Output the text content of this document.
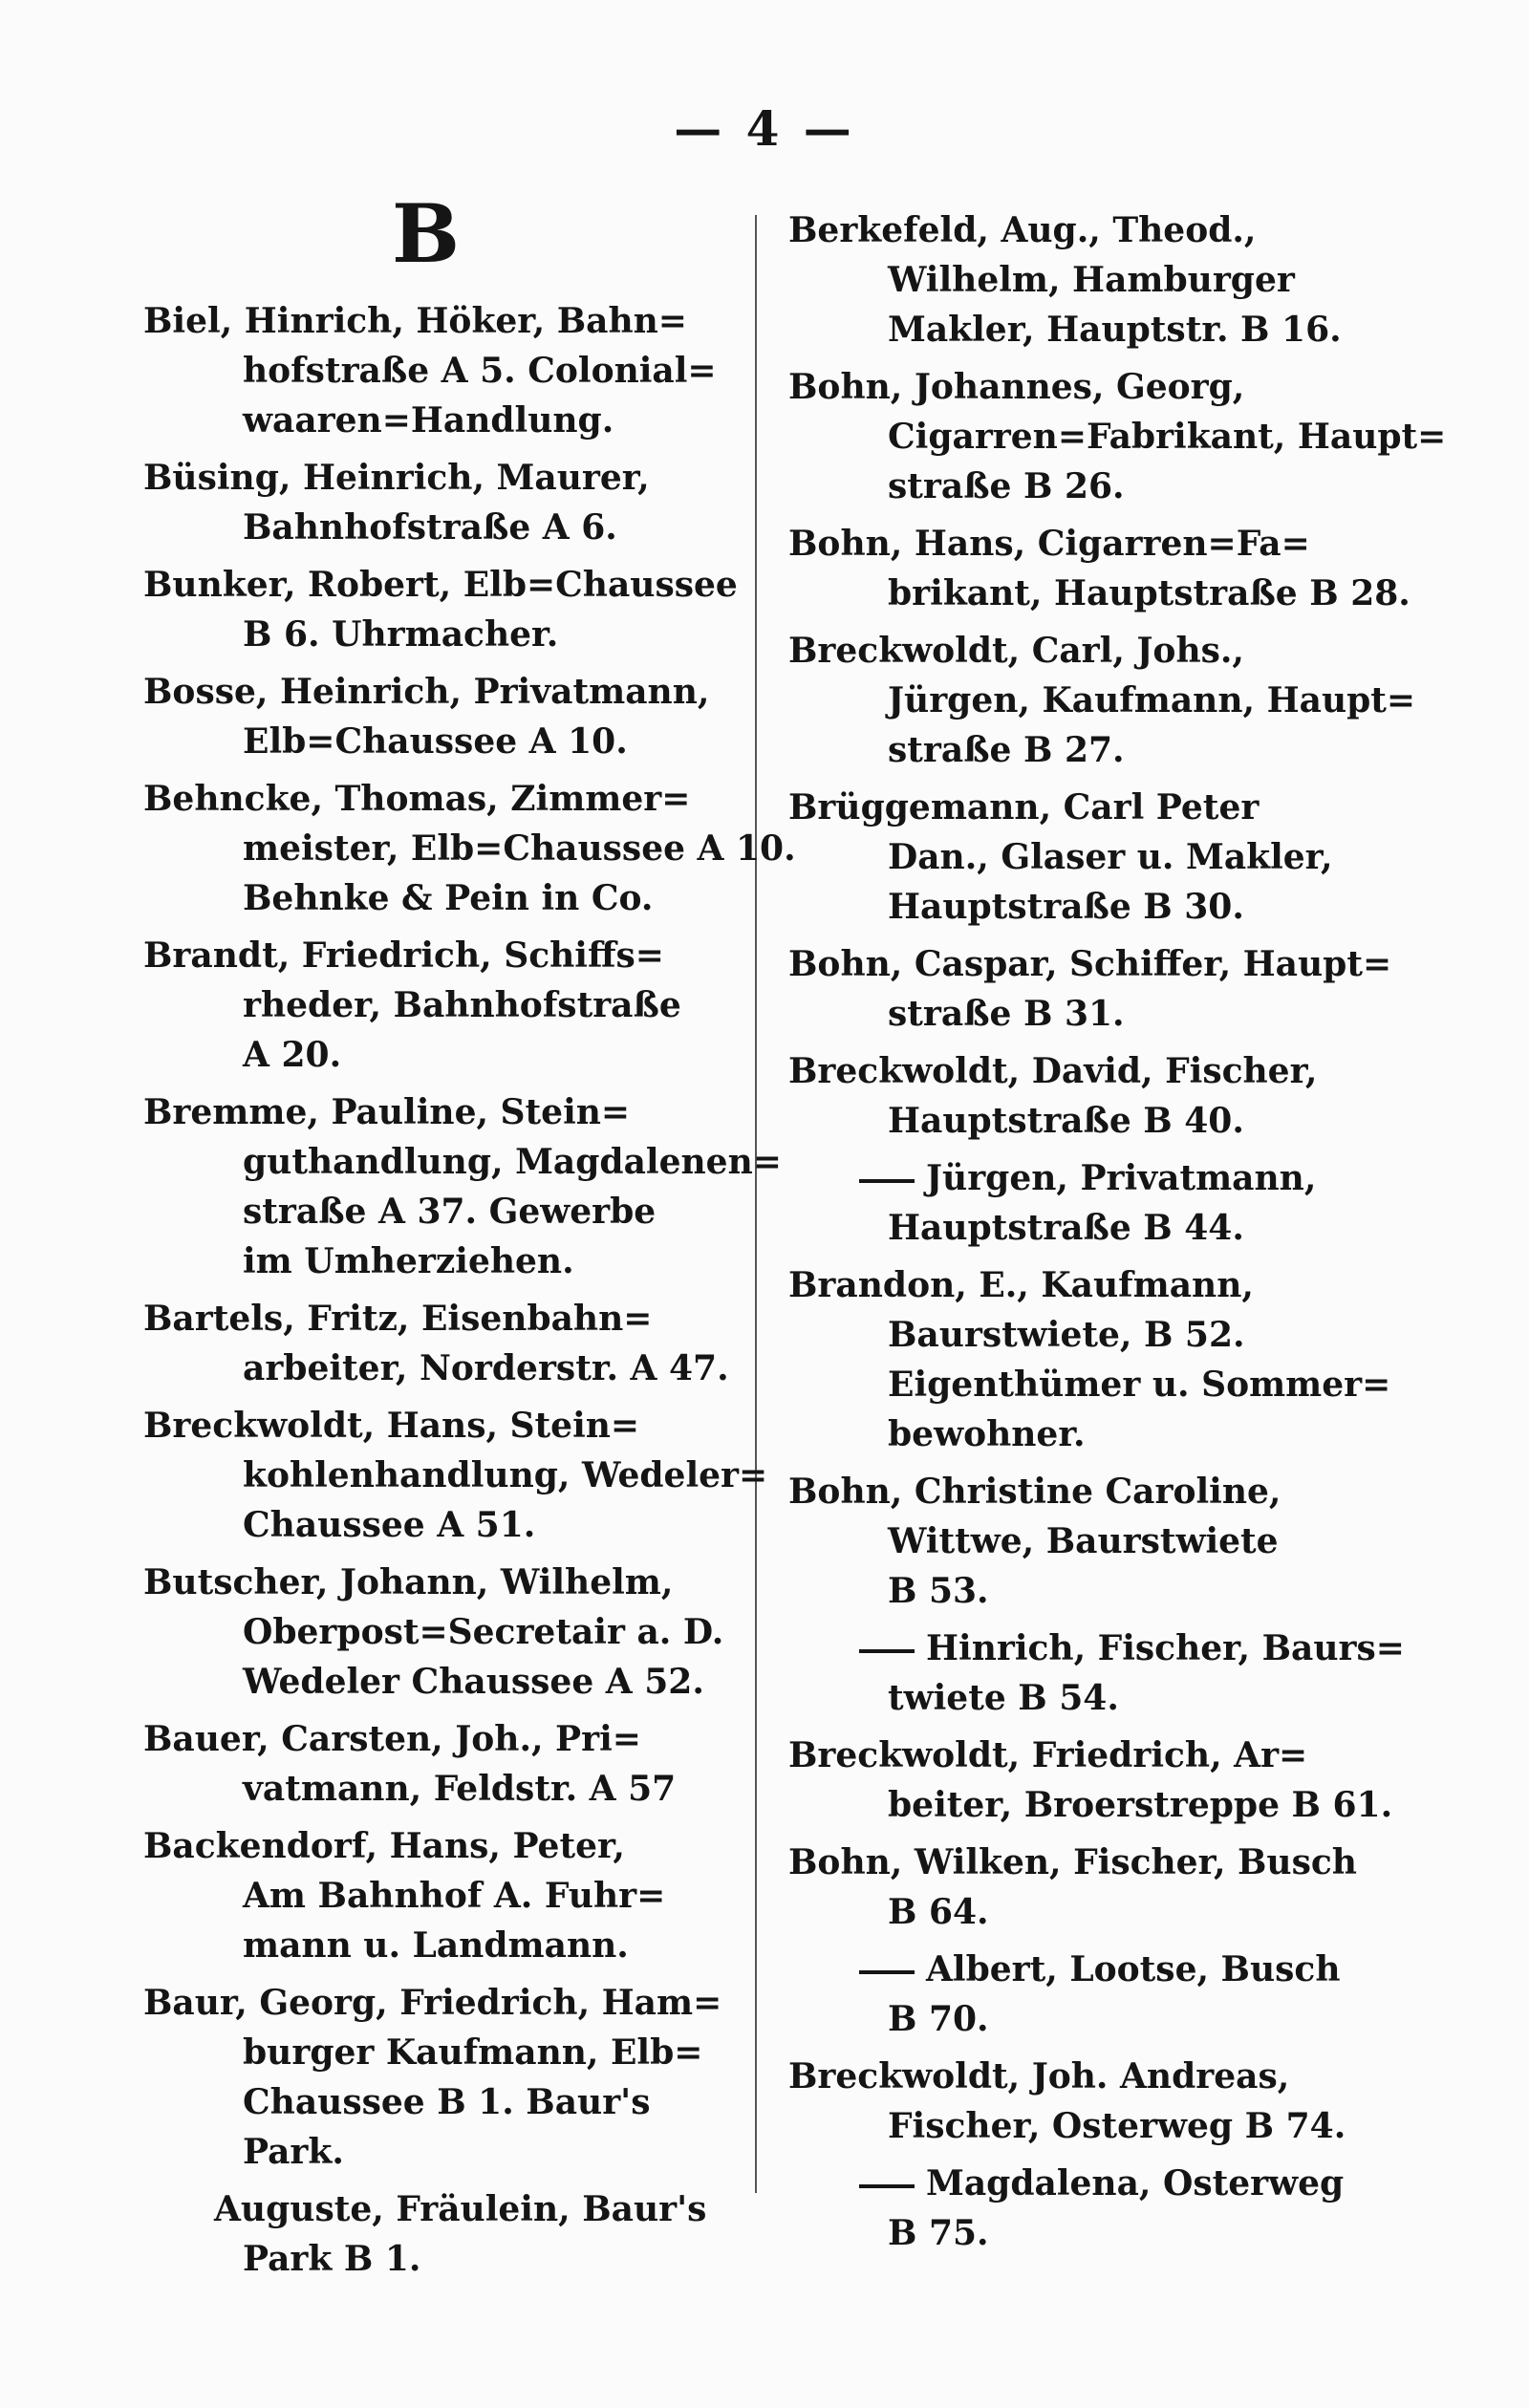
— 4 —
B
Biel, Hinrich, Höker, Bahn=
hofstraße A 5. Colonial=
waaren=Handlung.
Büsing, Heinrich, Maurer,
Bahnhofstraße A 6.
Bunker, Robert, Elb=Chaussee
B 6. Uhrmacher.
Bosse, Heinrich, Privatmann,
Elb=Chaussee A 10.
Behncke, Thomas, Zimmer=
meister, Elb=Chaussee A 10.
Behnke & Pein in Co.
Brandt, Friedrich, Schiffs=
rheder, Bahnhofstraße
A 20.
Bremme, Pauline, Stein=
guthandlung, Magdalenen=
straße A 37. Gewerbe
im Umherziehen.
Bartels, Fritz, Eisenbahn=
arbeiter, Norderstr. A 47.
Breckwoldt, Hans, Stein=
kohlenhandlung, Wedeler=
Chaussee A 51.
Butscher, Johann, Wilhelm,
Oberpost=Secretair a. D.
Wedeler Chaussee A 52.
Bauer, Carsten, Joh., Pri=
vatmann, Feldstr. A 57
Backendorf, Hans, Peter,
Am Bahnhof A. Fuhr=
mann u. Landmann.
Baur, Georg, Friedrich, Ham=
burger Kaufmann, Elb=
Chaussee B 1. Baur's
Park.
Auguste, Fräulein, Baur's
Park B 1.
Berkefeld, Aug., Theod.,
Wilhelm, Hamburger
Makler, Hauptstr. B 16.
Bohn, Johannes, Georg,
Cigarren=Fabrikant, Haupt=
straße B 26.
Bohn, Hans, Cigarren=Fa=
brikant, Hauptstraße B 28.
Breckwoldt, Carl, Johs.,
Jürgen, Kaufmann, Haupt=
straße B 27.
Brüggemann, Carl Peter
Dan., Glaser u. Makler,
Hauptstraße B 30.
Bohn, Caspar, Schiffer, Haupt=
straße B 31.
Breckwoldt, David, Fischer,
Hauptstraße B 40.
Jürgen, Privatmann,
Hauptstraße B 44.
Brandon, E., Kaufmann,
Baurstwiete, B 52.
Eigenthümer u. Sommer=
bewohner.
Bohn, Christine Caroline,
Wittwe, Baurstwiete
B 53.
Hinrich, Fischer, Baurs=
twiete B 54.
Breckwoldt, Friedrich, Ar=
beiter, Broerstreppe B 61.
Bohn, Wilken, Fischer, Busch
B 64.
Albert, Lootse, Busch
B 70.
Breckwoldt, Joh. Andreas,
Fischer, Osterweg B 74.
Magdalena, Osterweg
B 75.
